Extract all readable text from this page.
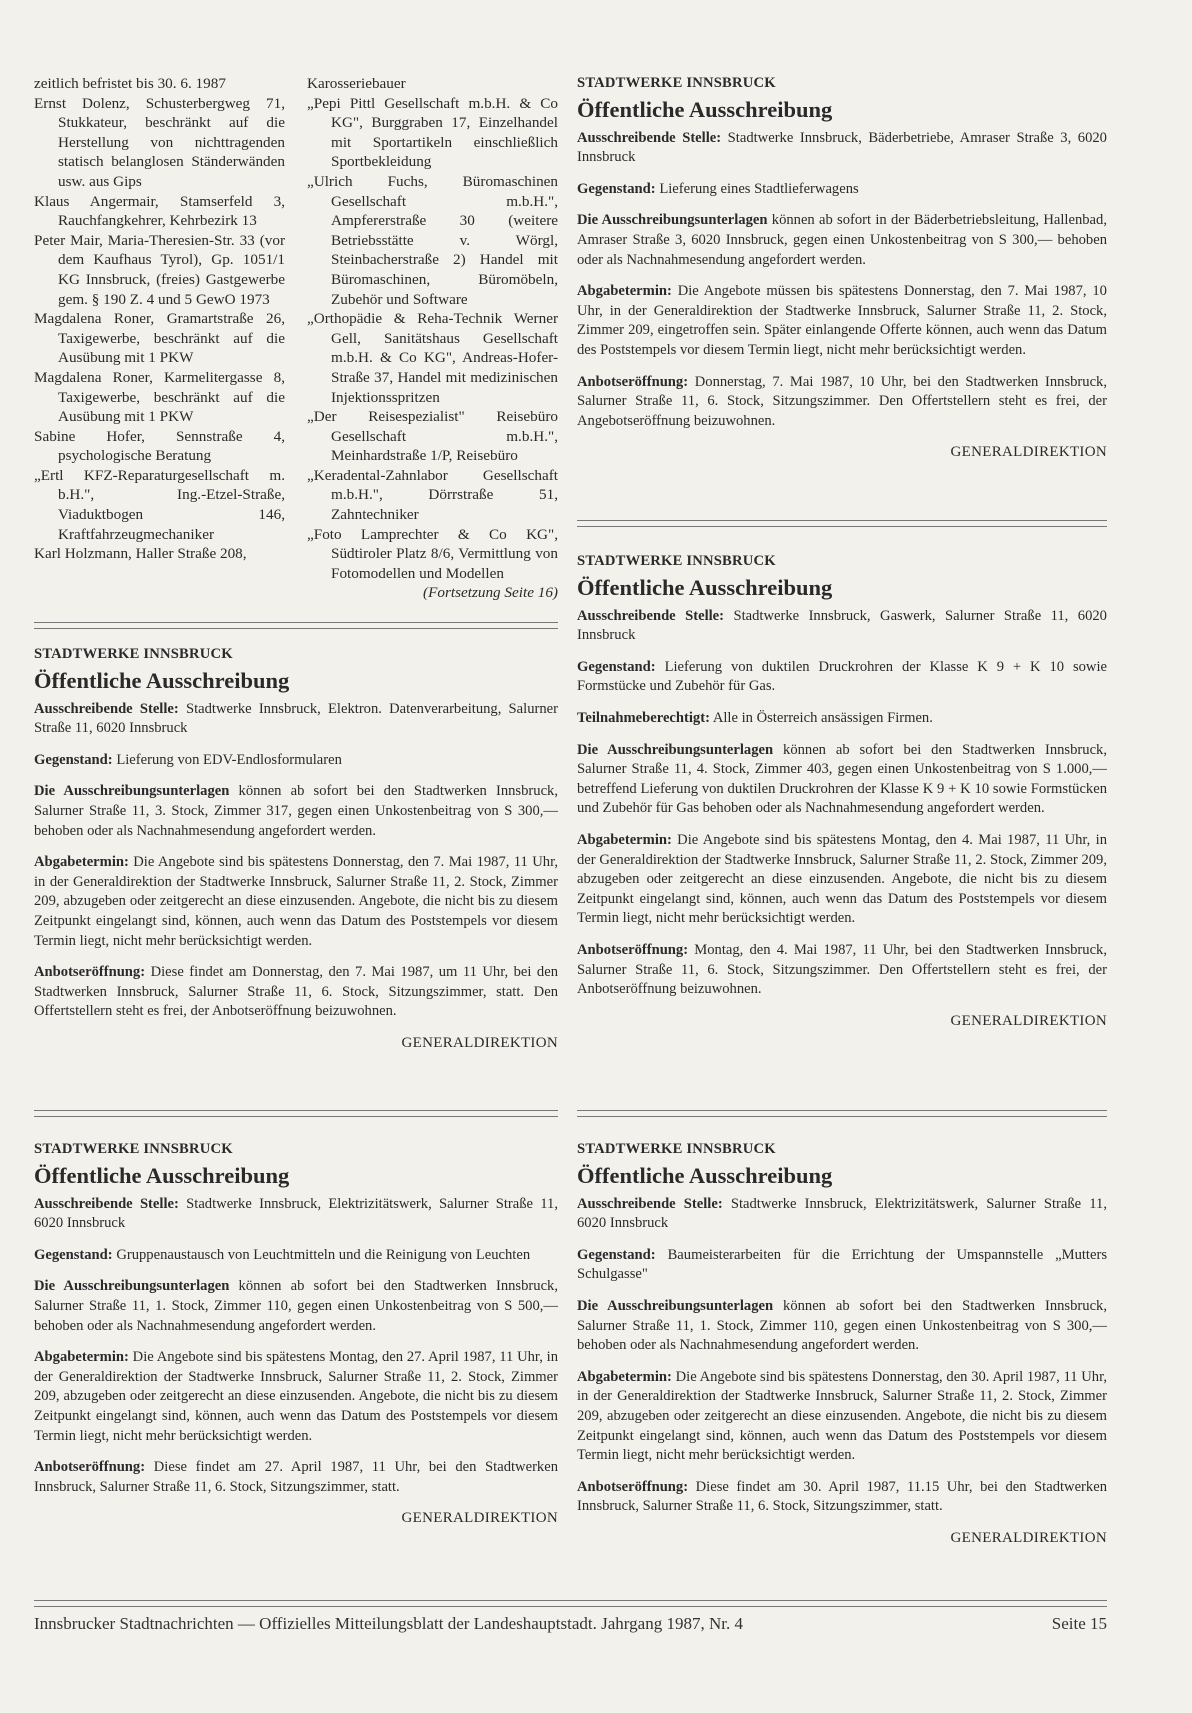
zeitlich befristet bis 30. 6. 1987

Ernst Dolenz, Schusterbergweg 71, Stukkateur, beschränkt auf die Herstellung von nichttragenden statisch belanglosen Ständerwänden usw. aus Gips

Klaus Angermair, Stamserfeld 3, Rauchfangkehrer, Kehrbezirk 13

Peter Mair, Maria-Theresien-Str. 33 (vor dem Kaufhaus Tyrol), Gp. 1051/1 KG Innsbruck, (freies) Gastgewerbe gem. § 190 Z. 4 und 5 GewO 1973

Magdalena Roner, Gramartstraße 26, Taxigewerbe, beschränkt auf die Ausübung mit 1 PKW

Magdalena Roner, Karmelitergasse 8, Taxigewerbe, beschränkt auf die Ausübung mit 1 PKW

Sabine Hofer, Sennstraße 4, psychologische Beratung

„Ertl KFZ-Reparaturgesellschaft m. b.H.", Ing.-Etzel-Straße, Viaduktbogen 146, Kraftfahrzeugmechaniker

Karl Holzmann, Haller Straße 208,

Karosseriebauer

„Pepi Pittl Gesellschaft m.b.H. & Co KG", Burggraben 17, Einzelhandel mit Sportartikeln einschließlich Sportbekleidung

„Ulrich Fuchs, Büromaschinen Gesellschaft m.b.H.", Ampfererstraße 30 (weitere Betriebsstätte v. Wörgl, Steinbacherstraße 2) Handel mit Büromaschinen, Büromöbeln, Zubehör und Software

„Orthopädie & Reha-Technik Werner Gell, Sanitätshaus Gesellschaft m.b.H. & Co KG", Andreas-Hofer-Straße 37, Handel mit medizinischen Injektionsspritzen

„Der Reisespezialist" Reisebüro Gesellschaft m.b.H.", Meinhardstraße 1/P, Reisebüro

„Keradental-Zahnlabor Gesellschaft m.b.H.", Dörrstraße 51, Zahntechniker

„Foto Lamprechter & Co KG", Südtiroler Platz 8/6, Vermittlung von Fotomodellen und Modellen

(Fortsetzung Seite 16)

STADTWERKE INNSBRUCK
Öffentliche Ausschreibung

Ausschreibende Stelle: Stadtwerke Innsbruck, Bäderbetriebe, Amraser Straße 3, 6020 Innsbruck

Gegenstand: Lieferung eines Stadtlieferwagens

Die Ausschreibungsunterlagen können ab sofort in der Bäderbetriebsleitung, Hallenbad, Amraser Straße 3, 6020 Innsbruck, gegen einen Unkostenbeitrag von S 300,— behoben oder als Nachnahmesendung angefordert werden.

Abgabetermin: Die Angebote müssen bis spätestens Donnerstag, den 7. Mai 1987, 10 Uhr, in der Generaldirektion der Stadtwerke Innsbruck, Salurner Straße 11, 2. Stock, Zimmer 209, eingetroffen sein. Später einlangende Offerte können, auch wenn das Datum des Poststempels vor diesem Termin liegt, nicht mehr berücksichtigt werden.

Anbotseröffnung: Donnerstag, 7. Mai 1987, 10 Uhr, bei den Stadtwerken Innsbruck, Salurner Straße 11, 6. Stock, Sitzungszimmer. Den Offertstellern steht es frei, der Angebotseröffnung beizuwohnen.

GENERALDIREKTION
STADTWERKE INNSBRUCK
Öffentliche Ausschreibung

Ausschreibende Stelle: Stadtwerke Innsbruck, Gaswerk, Salurner Straße 11, 6020 Innsbruck

Gegenstand: Lieferung von duktilen Druckrohren der Klasse K 9 + K 10 sowie Formstücke und Zubehör für Gas.

Teilnahmeberechtigt: Alle in Österreich ansässigen Firmen.

Die Ausschreibungsunterlagen können ab sofort bei den Stadtwerken Innsbruck, Salurner Straße 11, 4. Stock, Zimmer 403, gegen einen Unkostenbeitrag von S 1.000,— betreffend Lieferung von duktilen Druckrohren der Klasse K 9 + K 10 sowie Formstücken und Zubehör für Gas behoben oder als Nachnahmesendung angefordert werden.

Abgabetermin: Die Angebote sind bis spätestens Montag, den 4. Mai 1987, 11 Uhr, in der Generaldirektion der Stadtwerke Innsbruck, Salurner Straße 11, 2. Stock, Zimmer 209, abzugeben oder zeitgerecht an diese einzusenden. Angebote, die nicht bis zu diesem Zeitpunkt eingelangt sind, können, auch wenn das Datum des Poststempels vor diesem Termin liegt, nicht mehr berücksichtigt werden.

Anbotseröffnung: Montag, den 4. Mai 1987, 11 Uhr, bei den Stadtwerken Innsbruck, Salurner Straße 11, 6. Stock, Sitzungszimmer. Den Offertstellern steht es frei, der Anbotseröffnung beizuwohnen.

GENERALDIREKTION
STADTWERKE INNSBRUCK
Öffentliche Ausschreibung

Ausschreibende Stelle: Stadtwerke Innsbruck, Elektron. Datenverarbeitung, Salurner Straße 11, 6020 Innsbruck

Gegenstand: Lieferung von EDV-Endlosformularen

Die Ausschreibungsunterlagen können ab sofort bei den Stadtwerken Innsbruck, Salurner Straße 11, 3. Stock, Zimmer 317, gegen einen Unkostenbeitrag von S 300,— behoben oder als Nachnahmesendung angefordert werden.

Abgabetermin: Die Angebote sind bis spätestens Donnerstag, den 7. Mai 1987, 11 Uhr, in der Generaldirektion der Stadtwerke Innsbruck, Salurner Straße 11, 2. Stock, Zimmer 209, abzugeben oder zeitgerecht an diese einzusenden. Angebote, die nicht bis zu diesem Zeitpunkt eingelangt sind, können, auch wenn das Datum des Poststempels vor diesem Termin liegt, nicht mehr berücksichtigt werden.

Anbotseröffnung: Diese findet am Donnerstag, den 7. Mai 1987, um 11 Uhr, bei den Stadtwerken Innsbruck, Salurner Straße 11, 6. Stock, Sitzungszimmer, statt. Den Offertstellern steht es frei, der Anbotseröffnung beizuwohnen.

GENERALDIREKTION
STADTWERKE INNSBRUCK
Öffentliche Ausschreibung

Ausschreibende Stelle: Stadtwerke Innsbruck, Elektrizitätswerk, Salurner Straße 11, 6020 Innsbruck

Gegenstand: Gruppenaustausch von Leuchtmitteln und die Reinigung von Leuchten

Die Ausschreibungsunterlagen können ab sofort bei den Stadtwerken Innsbruck, Salurner Straße 11, 1. Stock, Zimmer 110, gegen einen Unkostenbeitrag von S 500,— behoben oder als Nachnahmesendung angefordert werden.

Abgabetermin: Die Angebote sind bis spätestens Montag, den 27. April 1987, 11 Uhr, in der Generaldirektion der Stadtwerke Innsbruck, Salurner Straße 11, 2. Stock, Zimmer 209, abzugeben oder zeitgerecht an diese einzusenden. Angebote, die nicht bis zu diesem Zeitpunkt eingelangt sind, können, auch wenn das Datum des Poststempels vor diesem Termin liegt, nicht mehr berücksichtigt werden.

Anbotseröffnung: Diese findet am 27. April 1987, 11 Uhr, bei den Stadtwerken Innsbruck, Salurner Straße 11, 6. Stock, Sitzungszimmer, statt.

GENERALDIREKTION
STADTWERKE INNSBRUCK
Öffentliche Ausschreibung

Ausschreibende Stelle: Stadtwerke Innsbruck, Elektrizitätswerk, Salurner Straße 11, 6020 Innsbruck

Gegenstand: Baumeisterarbeiten für die Errichtung der Umspannstelle „Mutters Schulgasse"

Die Ausschreibungsunterlagen können ab sofort bei den Stadtwerken Innsbruck, Salurner Straße 11, 1. Stock, Zimmer 110, gegen einen Unkostenbeitrag von S 300,— behoben oder als Nachnahmesendung angefordert werden.

Abgabetermin: Die Angebote sind bis spätestens Donnerstag, den 30. April 1987, 11 Uhr, in der Generaldirektion der Stadtwerke Innsbruck, Salurner Straße 11, 2. Stock, Zimmer 209, abzugeben oder zeitgerecht an diese einzusenden. Angebote, die nicht bis zu diesem Zeitpunkt eingelangt sind, können, auch wenn das Datum des Poststempels vor diesem Termin liegt, nicht mehr berücksichtigt werden.

Anbotseröffnung: Diese findet am 30. April 1987, 11.15 Uhr, bei den Stadtwerken Innsbruck, Salurner Straße 11, 6. Stock, Sitzungszimmer, statt.

GENERALDIREKTION
Innsbrucker Stadtnachrichten — Offizielles Mitteilungsblatt der Landeshauptstadt. Jahrgang 1987, Nr. 4	Seite 15
